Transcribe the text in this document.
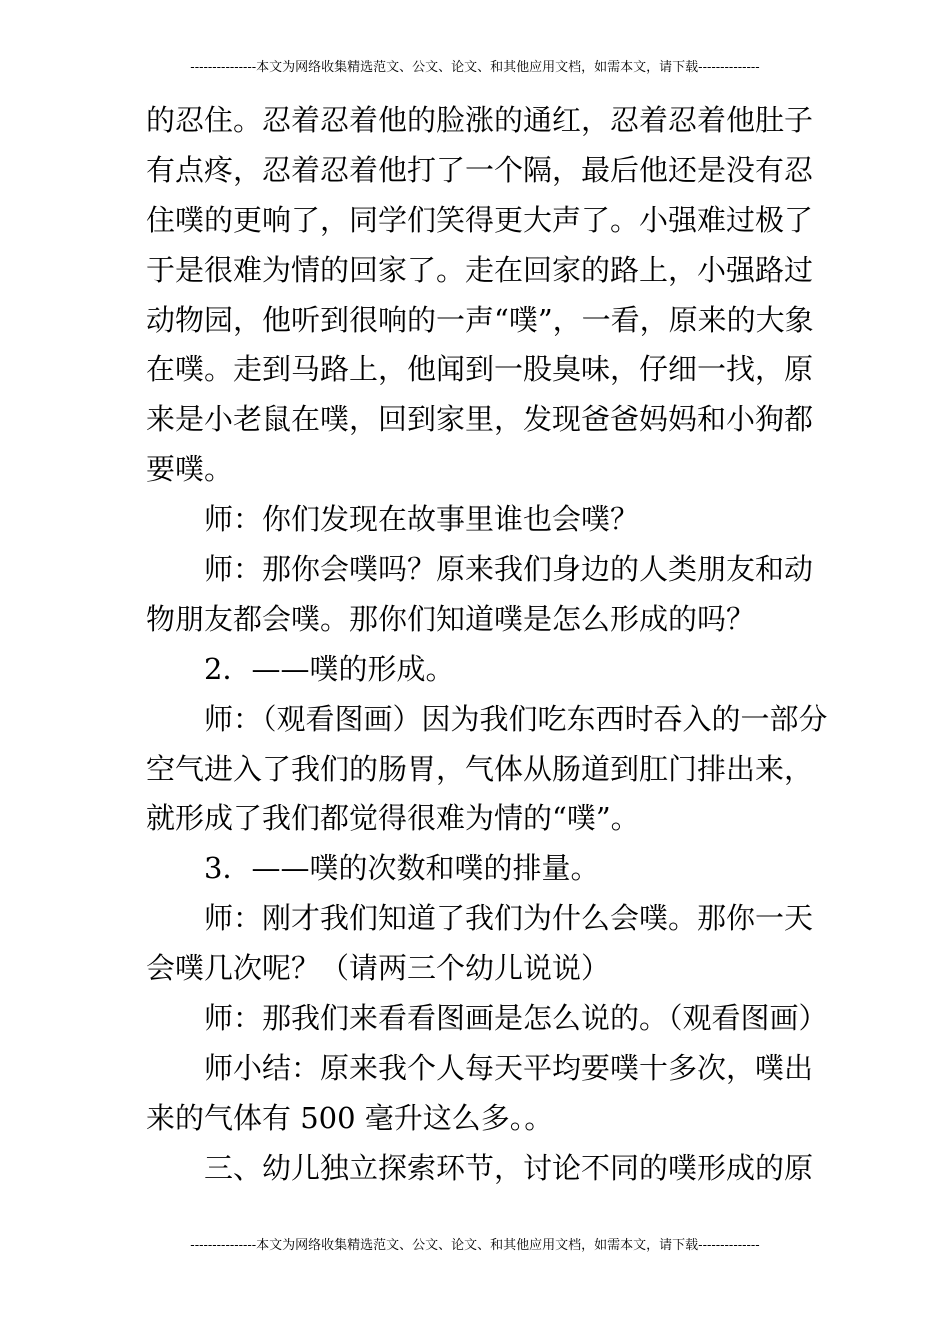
---------------本文为网络收集精选范文、公文、论文、和其他应用文档，如需本文，请下载--------------
的忍住。忍着忍着他的脸涨的通红，忍着忍着他肚子
有点疼，忍着忍着他打了一个隔，最后他还是没有忍
住噗的更响了，同学们笑得更大声了。小强难过极了
于是很难为情的回家了。走在回家的路上，小强路过
动物园，他听到很响的一声“噗”，一看，原来的大象
在噗。走到马路上，他闻到一股臭味，仔细一找，原
来是小老鼠在噗，回到家里，发现爸爸妈妈和小狗都
要噗。
师：你们发现在故事里谁也会噗？
师：那你会噗吗？原来我们身边的人类朋友和动
物朋友都会噗。那你们知道噗是怎么形成的吗？
2．——噗的形成。
师：（观看图画）因为我们吃东西时吞入的一部分
空气进入了我们的肠胃，气体从肠道到肛门排出来，
就形成了我们都觉得很难为情的“噗”。
3．——噗的次数和噗的排量。
师：刚才我们知道了我们为什么会噗。那你一天
会噗几次呢？（请两三个幼儿说说）
师：那我们来看看图画是怎么说的。（观看图画）
师小结：原来我个人每天平均要噗十多次，噗出
来的气体有 500 毫升这么多。。
三、幼儿独立探索环节，讨论不同的噗形成的原
---------------本文为网络收集精选范文、公文、论文、和其他应用文档，如需本文，请下载--------------
